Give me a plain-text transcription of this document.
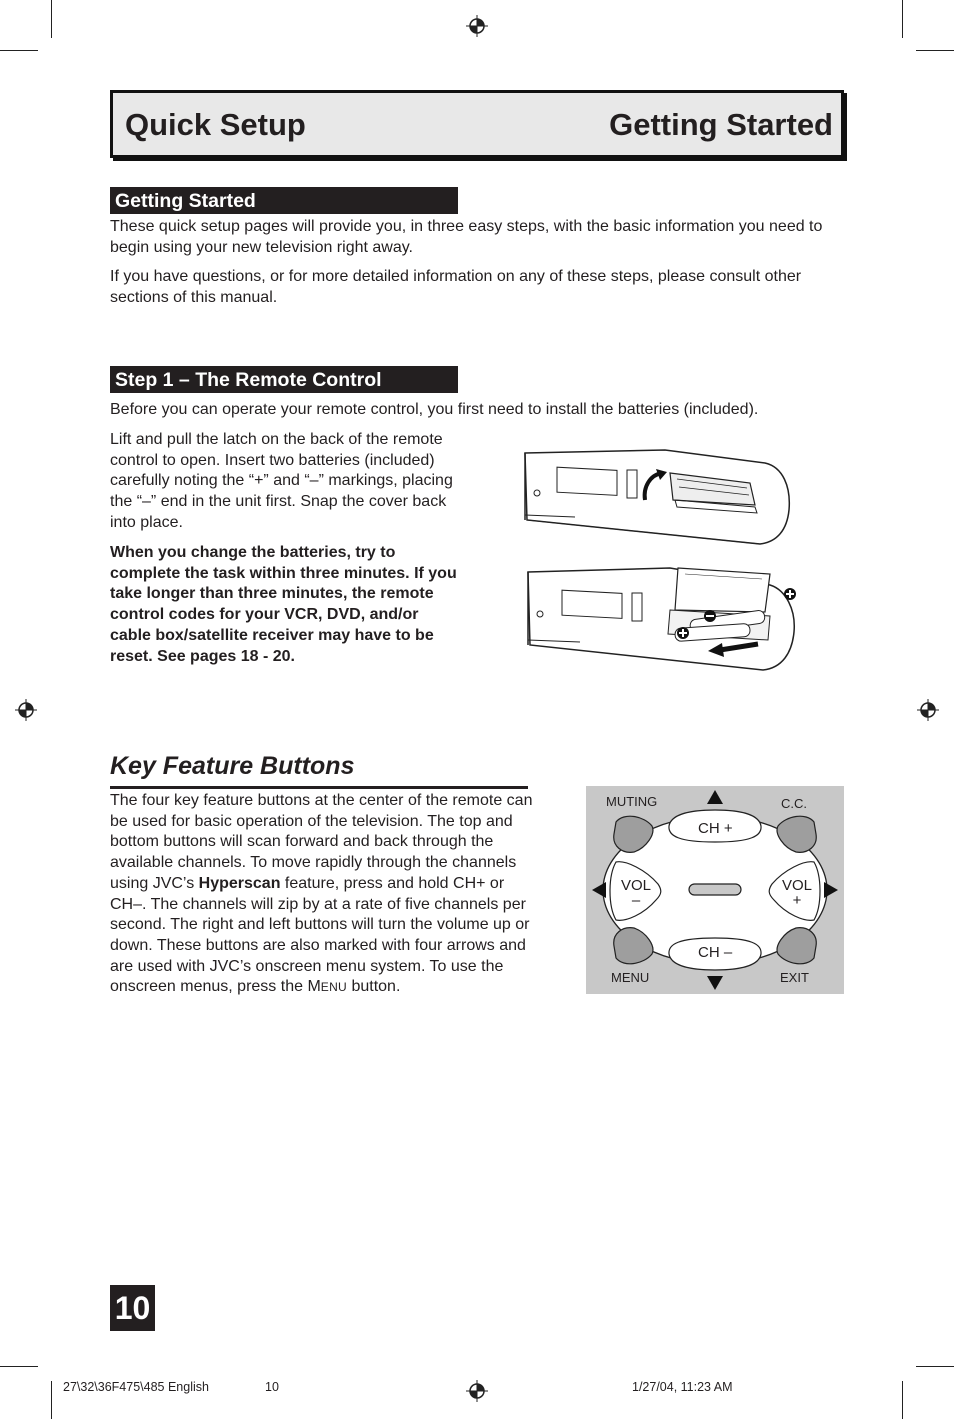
Quick Setup	Getting Started
Getting Started
These quick setup pages will provide you, in three easy steps, with the basic information you need to begin using your new television right away.
If you have questions, or for more detailed information on any of these steps, please consult other sections of this manual.
Step 1 – The Remote Control
Before you can operate your remote control, you first need to install the batteries (included).
Lift and pull the latch on the back of the remote control to open. Insert two batteries (included) carefully noting the “+” and “–” markings, placing the “–” end in the unit first. Snap the cover back into place.
When you change the batteries, try to complete the task within three minutes. If you take longer than three minutes, the remote control codes for your VCR, DVD, and/or cable box/satellite receiver may have to be reset. See pages 18 - 20.
Key Feature Buttons
The four key feature buttons at the center of the remote can be used for basic operation of the television. The top and bottom buttons will scan forward and back through the available channels. To move rapidly through the channels using JVC’s Hyperscan feature, press and hold CH+ or CH–. The channels will zip by at a rate of five channels per second. The right and left buttons will turn the volume up or down. These buttons are also marked with four arrows and are used with JVC’s onscreen menu system. To use the onscreen menus, press the MENU button.
MUTING	C.C.
MENU	EXIT
CH +
CH –
VOL
–
VOL
+
10
27\32\36F475\485 English	10	1/27/04, 11:23 AM
